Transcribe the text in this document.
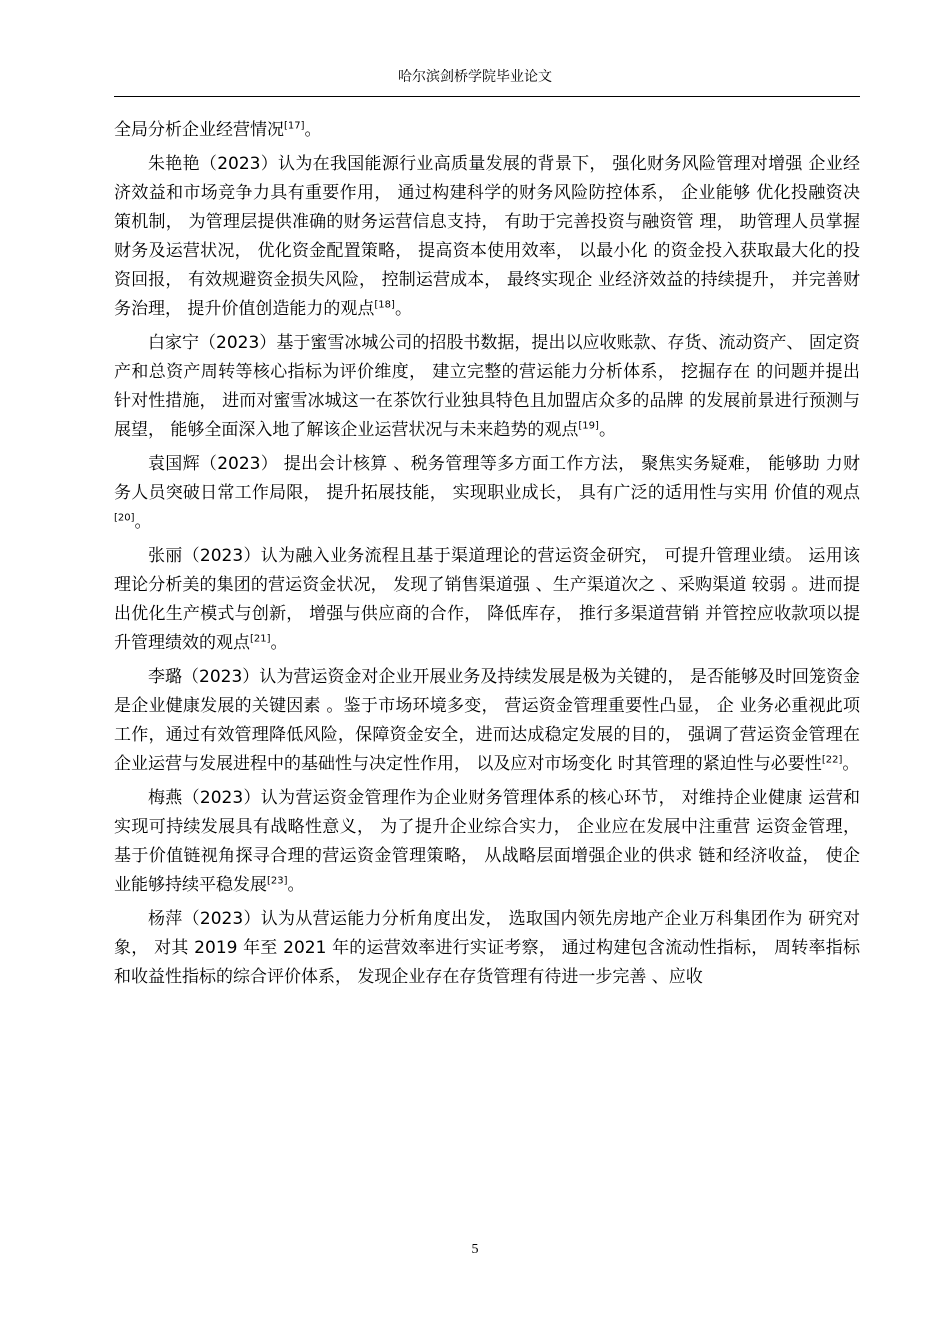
哈尔滨剑桥学院毕业论文

全局分析企业经营情况[17]。

朱艳艳（2023）认为在我国能源行业高质量发展的背景下， 强化财务风险管理对增强 企业经济效益和市场竞争力具有重要作用， 通过构建科学的财务风险防控体系， 企业能够 优化投融资决策机制， 为管理层提供准确的财务运营信息支持， 有助于完善投资与融资管 理， 助管理人员掌握财务及运营状况， 优化资金配置策略， 提高资本使用效率， 以最小化 的资金投入获取最大化的投资回报， 有效规避资金损失风险， 控制运营成本， 最终实现企 业经济效益的持续提升， 并完善财务治理， 提升价值创造能力的观点[18]。

白家宁（2023）基于蜜雪冰城公司的招股书数据，提出以应收账款、存货、流动资产、 固定资产和总资产周转等核心指标为评价维度， 建立完整的营运能力分析体系， 挖掘存在 的问题并提出针对性措施， 进而对蜜雪冰城这一在茶饮行业独具特色且加盟店众多的品牌 的发展前景进行预测与展望， 能够全面深入地了解该企业运营状况与未来趋势的观点[19]。

袁国辉（2023） 提出会计核算 、税务管理等多方面工作方法， 聚焦实务疑难， 能够助 力财务人员突破日常工作局限， 提升拓展技能， 实现职业成长， 具有广泛的适用性与实用 价值的观点[20]。

张丽（2023）认为融入业务流程且基于渠道理论的营运资金研究， 可提升管理业绩。 运用该理论分析美的集团的营运资金状况， 发现了销售渠道强 、生产渠道次之 、采购渠道 较弱 。进而提出优化生产模式与创新， 增强与供应商的合作， 降低库存， 推行多渠道营销 并管控应收款项以提升管理绩效的观点[21]。

李璐（2023）认为营运资金对企业开展业务及持续发展是极为关键的， 是否能够及时回笼资金是企业健康发展的关键因素 。鉴于市场环境多变， 营运资金管理重要性凸显， 企 业务必重视此项工作，通过有效管理降低风险，保障资金安全，进而达成稳定发展的目的， 强调了营运资金管理在企业运营与发展进程中的基础性与决定性作用， 以及应对市场变化 时其管理的紧迫性与必要性[22]。

梅燕（2023）认为营运资金管理作为企业财务管理体系的核心环节， 对维持企业健康 运营和实现可持续发展具有战略性意义， 为了提升企业综合实力， 企业应在发展中注重营 运资金管理， 基于价值链视角探寻合理的营运资金管理策略， 从战略层面增强企业的供求 链和经济收益， 使企业能够持续平稳发展[23]。

杨萍（2023）认为从营运能力分析角度出发， 选取国内领先房地产企业万科集团作为 研究对象， 对其 2019 年至 2021 年的运营效率进行实证考察， 通过构建包含流动性指标， 周转率指标和收益性指标的综合评价体系， 发现企业存在存货管理有待进一步完善 、应收

5
